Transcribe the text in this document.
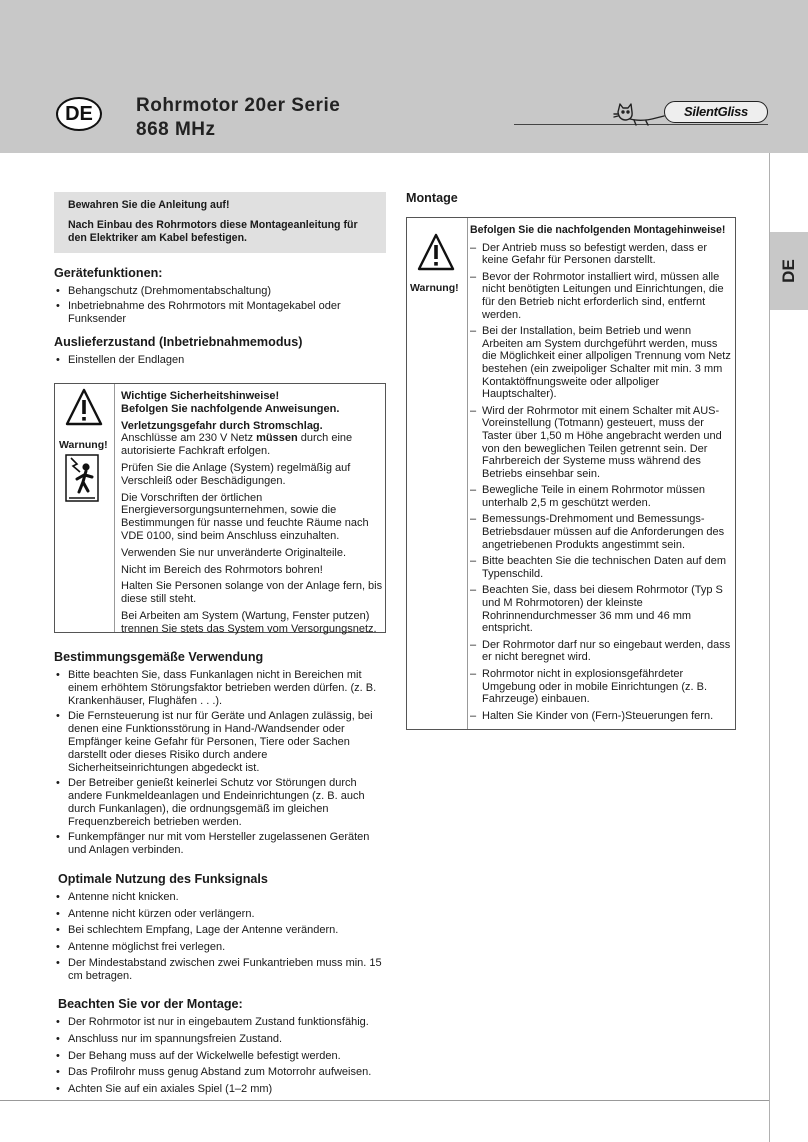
DE	Rohrmotor 20er Serie
868 MHz
SilentGliss
DE

Bewahren Sie die Anleitung auf!

Nach Einbau des Rohrmotors diese Montageanleitung für den Elektriker am Kabel befestigen.

Gerätefunktionen:
• Behangschutz (Drehmomentabschaltung)
• Inbetriebnahme des Rohrmotors mit Montagekabel oder Funksender
Auslieferzustand (Inbetriebnahmemodus)
• Einstellen der Endlagen
Warnung!

Wichtige Sicherheitshinweise!
Befolgen Sie nachfolgende Anweisungen.

Verletzungsgefahr durch Stromschlag.
Anschlüsse am 230 V Netz müssen durch eine autorisierte Fachkraft erfolgen.

Prüfen Sie die Anlage (System) regelmäßig auf Verschleiß oder Beschädigungen.

Die Vorschriften der örtlichen Energieversorgungsunternehmen, sowie die Bestimmungen für nasse und feuchte Räume nach VDE 0100, sind beim Anschluss einzuhalten.

Verwenden Sie nur unveränderte Originalteile.

Nicht im Bereich des Rohrmotors bohren!

Halten Sie Personen solange von der Anlage fern, bis diese still steht.

Bei Arbeiten am System (Wartung, Fenster putzen) trennen Sie stets das System vom Versorgungsnetz.

Bestimmungsgemäße Verwendung
• Bitte beachten Sie, dass Funkanlagen nicht in Bereichen mit einem erhöhtem Störungsfaktor betrieben werden dürfen. (z. B. Krankenhäuser, Flughäfen . . .).
• Die Fernsteuerung ist nur für Geräte und Anlagen zulässig, bei denen eine Funktionsstörung in Hand-/Wandsender oder Empfänger keine Gefahr für Personen, Tiere oder Sachen darstellt oder dieses Risiko durch andere Sicherheitseinrichtungen abgedeckt ist.
• Der Betreiber genießt keinerlei Schutz vor Störungen durch andere Funkmeldeanlagen und Endeinrichtungen (z. B. auch durch Funkanlagen), die ordnungsgemäß im gleichen Frequenzbereich betrieben werden.
• Funkempfänger nur mit vom Hersteller zugelassenen Geräten und Anlagen verbinden.
Optimale Nutzung des Funksignals
• Antenne nicht knicken.
• Antenne nicht kürzen oder verlängern.
• Bei schlechtem Empfang, Lage der Antenne verändern.
• Antenne möglichst frei verlegen.
• Der Mindestabstand zwischen zwei Funkantrieben muss min. 15 cm betragen.
Beachten Sie vor der Montage:
• Der Rohrmotor ist nur in eingebautem Zustand funktionsfähig.
• Anschluss nur im spannungsfreien Zustand.
• Der Behang muss auf der Wickelwelle befestigt werden.
• Das Profilrohr muss genug Abstand zum Motorrohr aufweisen.
• Achten Sie auf ein axiales Spiel (1–2 mm)
Montage
Warnung!
Befolgen Sie die nachfolgenden Montagehinweise!
– Der Antrieb muss so befestigt werden, dass er keine Gefahr für Personen darstellt.
– Bevor der Rohrmotor installiert wird, müssen alle nicht benötigten Leitungen und Einrichtungen, die für den Betrieb nicht erforderlich sind, entfernt werden.
– Bei der Installation, beim Betrieb und wenn Arbeiten am System durchgeführt werden, muss die Möglichkeit einer allpoligen Trennung vom Netz bestehen (ein zweipoliger Schalter mit min. 3 mm Kontaktöffnungsweite oder allpoliger Hauptschalter).
– Wird der Rohrmotor mit einem Schalter mit AUS-Voreinstellung (Totmann) gesteuert, muss der Taster über 1,50 m Höhe angebracht werden und von den beweglichen Teilen getrennt sein. Der Fahrbereich der Systeme muss während des Betriebs einsehbar sein.
– Bewegliche Teile in einem Rohrmotor müssen unterhalb 2,5 m geschützt werden.
– Bemessungs-Drehmoment und Bemessungs-Betriebsdauer müssen auf die Anforderungen des angetriebenen Produkts angestimmt sein.
– Bitte beachten Sie die technischen Daten auf dem Typenschild.
– Beachten Sie, dass bei diesem Rohrmotor (Typ S und M Rohrmotoren) der kleinste Rohrinnendurchmesser 36 mm und 46 mm entspricht.
– Der Rohrmotor darf nur so eingebaut werden, dass er nicht beregnet wird.
– Rohrmotor nicht in explosionsgefährdeter Umgebung oder in mobile Einrichtungen (z. B. Fahrzeuge) einbauen.
– Halten Sie Kinder von (Fern-)Steuerungen fern.
